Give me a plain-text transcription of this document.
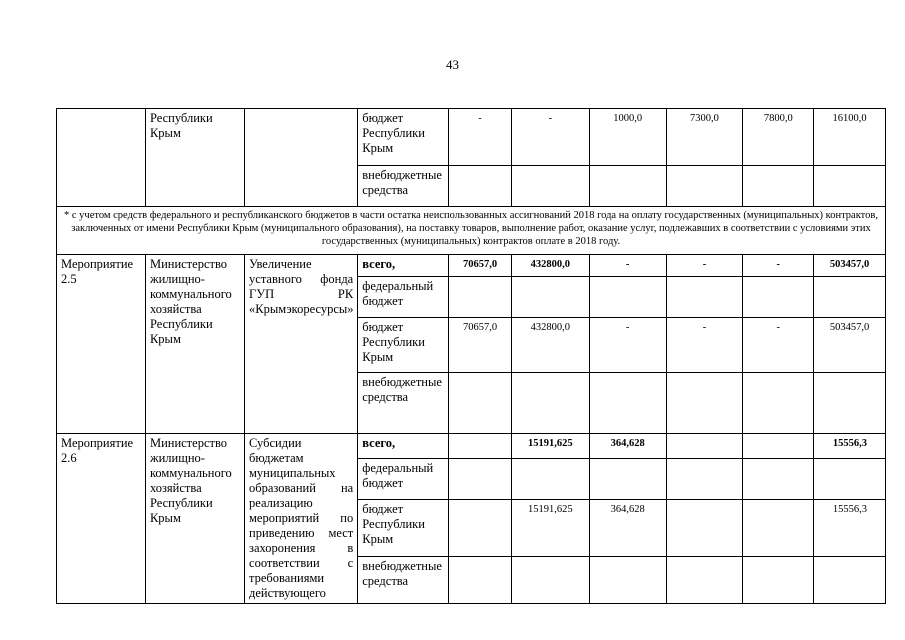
43
	Республики Крым		бюджет Республики Крым	-	-	1000,0	7300,0	7800,0	16100,0
			внебюджетные средства						
* с учетом средств федерального и республиканского бюджетов в части остатка неиспользованных ассигнований 2018 года на оплату государственных (муниципальных) контрактов, заключенных от имени Республики Крым (муниципального образования), на поставку товаров, выполнение работ, оказание услуг, подлежавших в соответствии с условиями этих государственных (муниципальных) контрактов оплате в 2018 году.									
Мероприятие 2.5	Министерство жилищно-коммунального хозяйства Республики Крым	Увеличение уставного фонда ГУП РК «Крымэкоресурсы»	всего,	70657,0	432800,0	-	-	-	503457,0
			федеральный бюджет						
			бюджет Республики Крым	70657,0	432800,0	-	-	-	503457,0
			внебюджетные средства						
Мероприятие 2.6	Министерство жилищно-коммунального хозяйства Республики Крым	Субсидии бюджетам муниципальных образований на реализацию мероприятий по приведению мест захоронения в соответствии с требованиями действующего	всего,		15191,625	364,628			15556,3
			федеральный бюджет						
			бюджет Республики Крым		15191,625	364,628			15556,3
			внебюджетные средства						
